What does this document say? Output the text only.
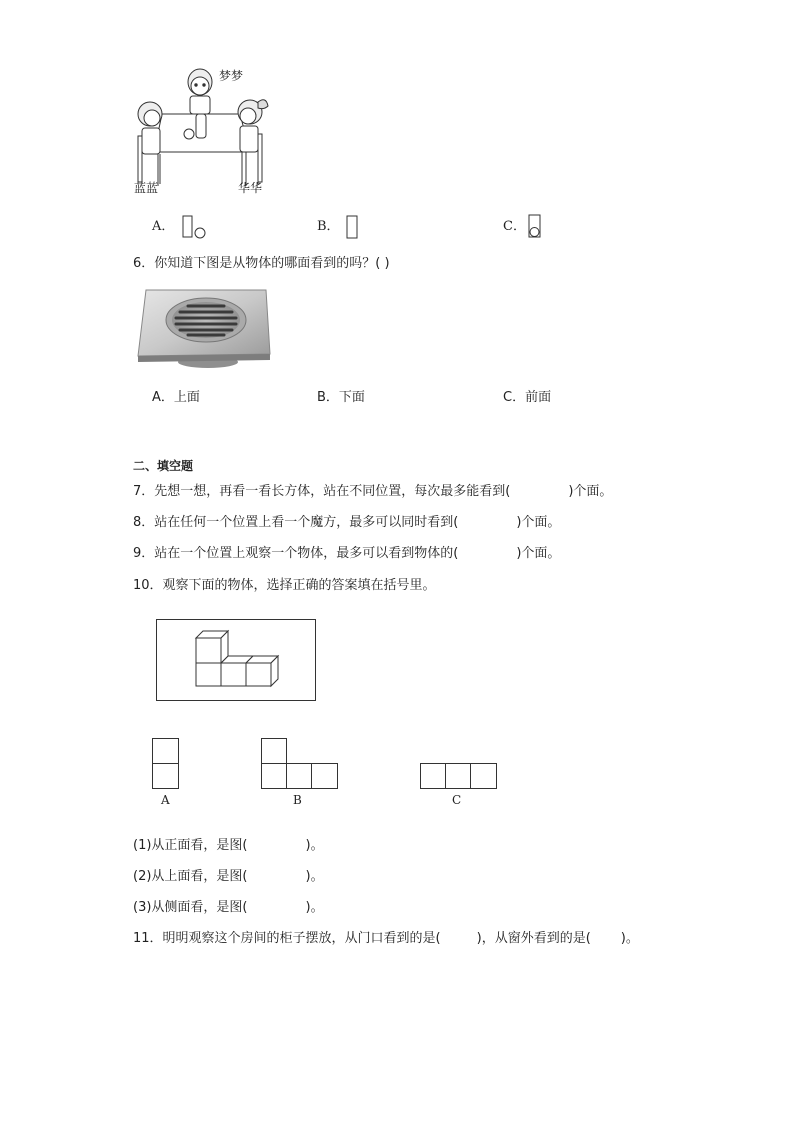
梦梦
蓝蓝	华华
A．	B．	C．
6．你知道下图是从物体的哪面看到的吗？( )
A．上面	B．下面	C．前面
二、填空题
7．先想一想，再看一看长方体，站在不同位置，每次最多能看到(	)个面。
8．站在任何一个位置上看一个魔方，最多可以同时看到(	)个面。
9．站在一个位置上观察一个物体，最多可以看到物体的(	)个面。
10．观察下面的物体，选择正确的答案填在括号里。
A	B	C
(1)从正面看，是图(	)。
(2)从上面看，是图(	)。
(3)从侧面看，是图(	)。
11．明明观察这个房间的柜子摆放，从门口看到的是(	)，从窗外看到的是( )。
